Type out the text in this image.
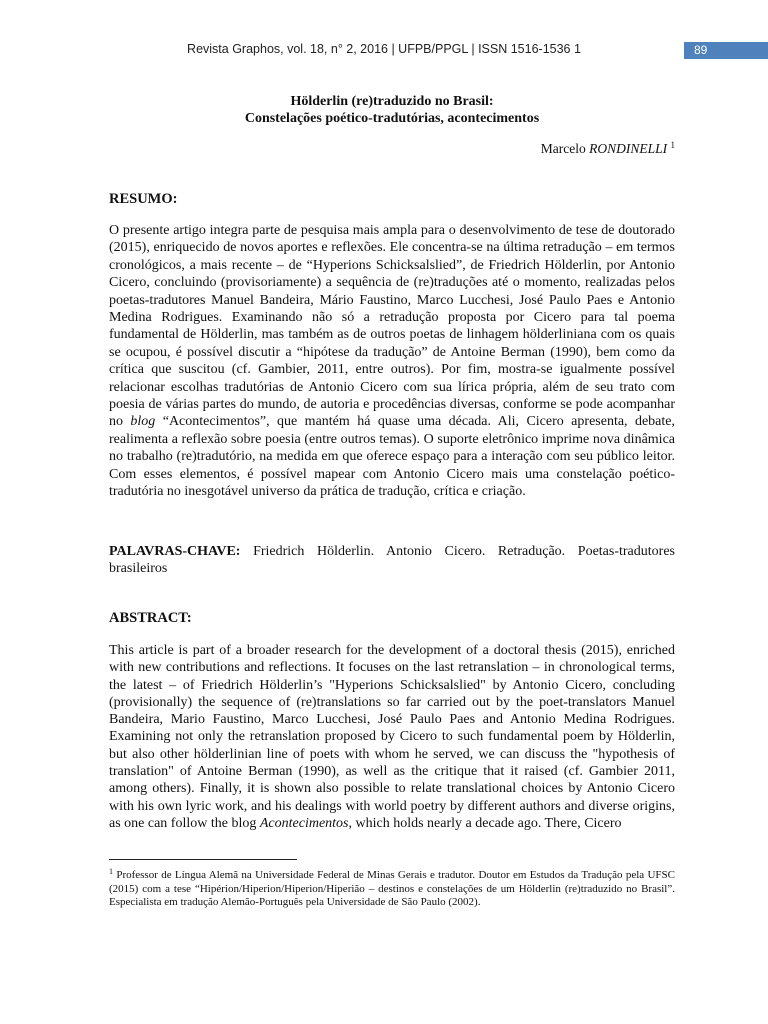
Revista Graphos, vol. 18, n° 2, 2016 | UFPB/PPGL | ISSN 1516-1536 1	89
Hölderlin (re)traduzido no Brasil:
Constelações poético-tradutórias, acontecimentos
Marcelo RONDINELLI $^1$
RESUMO:

O presente artigo integra parte de pesquisa mais ampla para o desenvolvimento de tese de doutorado (2015), enriquecido de novos aportes e reflexões. Ele concentra-se na última retradução – em termos cronológicos, a mais recente – de “Hyperions Schicksalslied”, de Friedrich Hölderlin, por Antonio Cicero, concluindo (provisoriamente) a sequência de (re)traduções até o momento, realizadas pelos poetas-tradutores Manuel Bandeira, Mário Faustino, Marco Lucchesi, José Paulo Paes e Antonio Medina Rodrigues. Examinando não só a retradução proposta por Cicero para tal poema fundamental de Hölderlin, mas também as de outros poetas de linhagem hölderliniana com os quais se ocupou, é possível discutir a “hipótese da tradução” de Antoine Berman (1990), bem como da crítica que suscitou (cf. Gambier, 2011, entre outros). Por fim, mostra-se igualmente possível relacionar escolhas tradutórias de Antonio Cicero com sua lírica própria, além de seu trato com poesia de várias partes do mundo, de autoria e procedências diversas, conforme se pode acompanhar no blog “Acontecimentos”, que mantém há quase uma década. Ali, Cicero apresenta, debate, realimenta a reflexão sobre poesia (entre outros temas). O suporte eletrônico imprime nova dinâmica no trabalho (re)tradutório, na medida em que oferece espaço para a interação com seu público leitor. Com esses elementos, é possível mapear com Antonio Cicero mais uma constelação poético-tradutória no inesgotável universo da prática de tradução, crítica e criação.

PALAVRAS-CHAVE: Friedrich Hölderlin. Antonio Cicero. Retradução. Poetas-tradutores brasileiros

ABSTRACT:

This article is part of a broader research for the development of a doctoral thesis (2015), enriched with new contributions and reflections. It focuses on the last retranslation – in chronological terms, the latest – of Friedrich Hölderlin’s "Hyperions Schicksalslied" by Antonio Cicero, concluding (provisionally) the sequence of (re)translations so far carried out by the poet-translators Manuel Bandeira, Mario Faustino, Marco Lucchesi, José Paulo Paes and Antonio Medina Rodrigues. Examining not only the retranslation proposed by Cicero to such fundamental poem by Hölderlin, but also other hölderlinian line of poets with whom he served, we can discuss the "hypothesis of translation" of Antoine Berman (1990), as well as the critique that it raised (cf. Gambier 2011, among others). Finally, it is shown also possible to relate translational choices by Antonio Cicero with his own lyric work, and his dealings with world poetry by different authors and diverse origins, as one can follow the blog Acontecimentos, which holds nearly a decade ago. There, Cicero

$^1$ Professor de Língua Alemã na Universidade Federal de Minas Gerais e tradutor. Doutor em Estudos da Tradução pela UFSC (2015) com a tese “Hipérion/Hiperion/Hiperion/Hiperião – destinos e constelações de um Hölderlin (re)traduzido no Brasil”. Especialista em tradução Alemão-Português pela Universidade de São Paulo (2002).
